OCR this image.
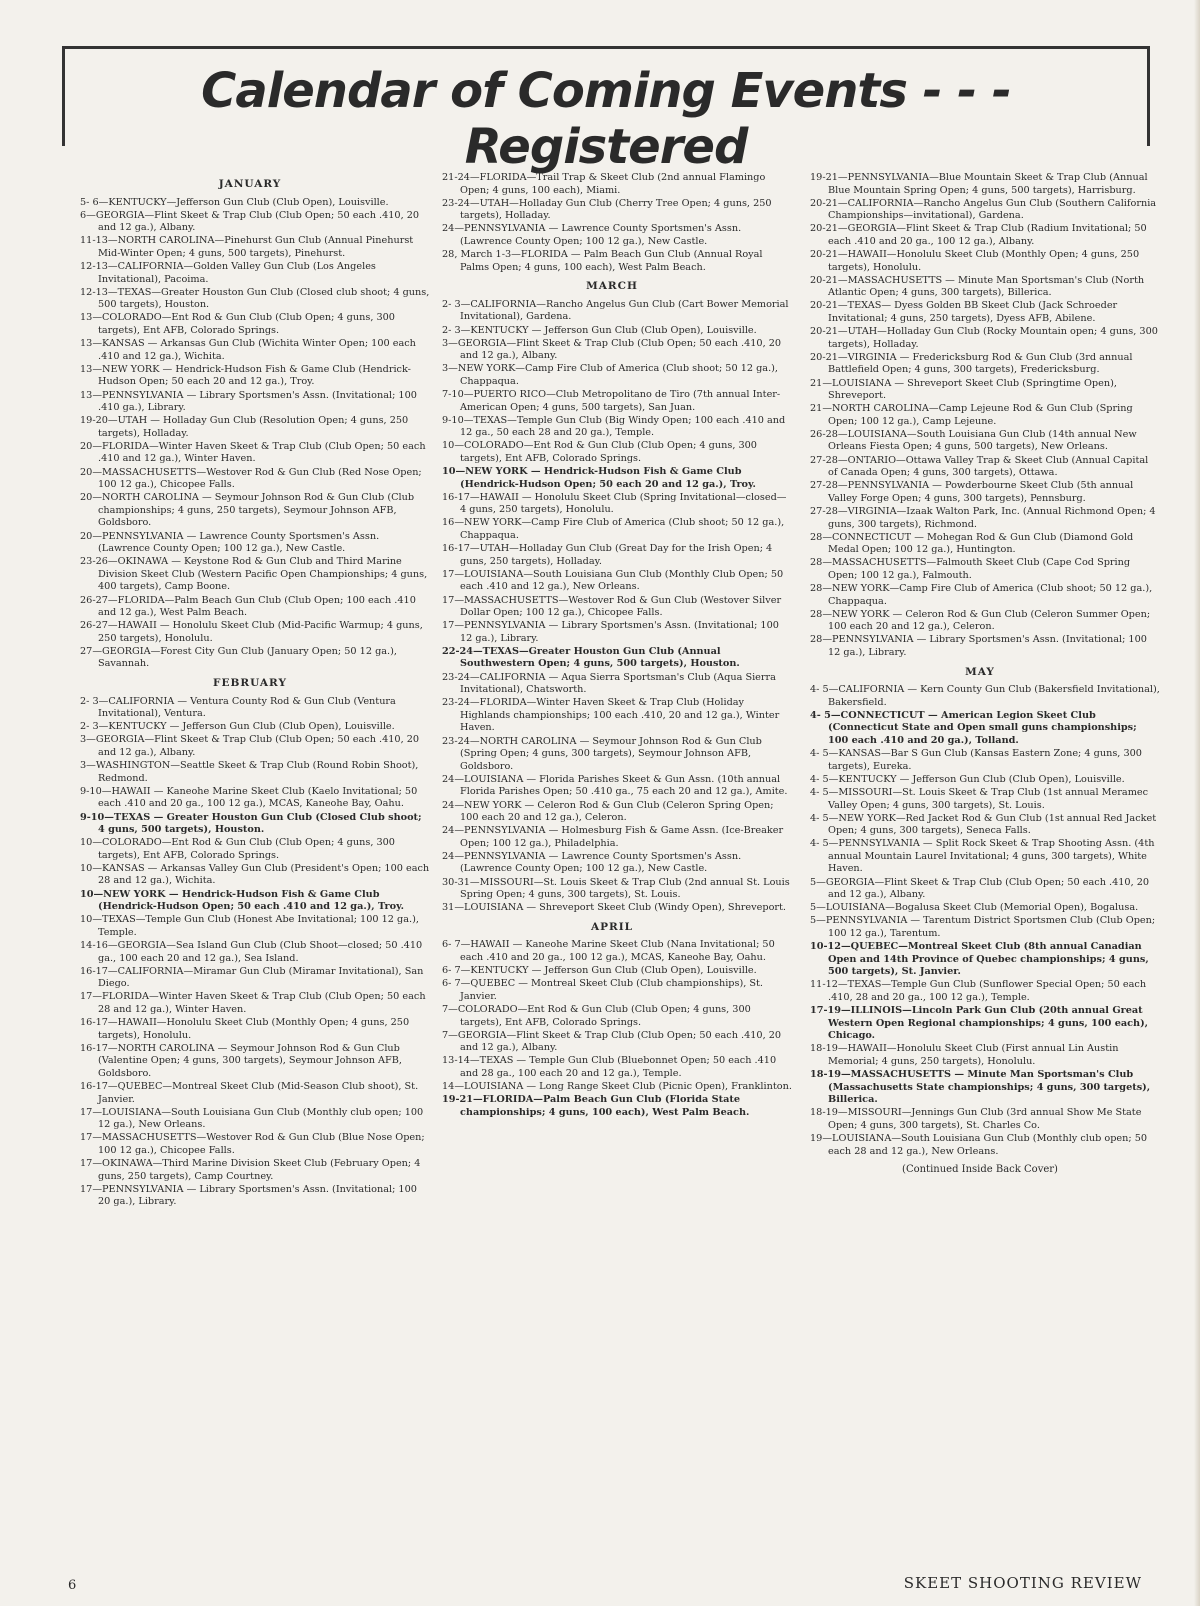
Calendar of Coming Events - - - Registered
JANUARY
5- 6—KENTUCKY—Jefferson Gun Club (Club Open), Louisville.
6—GEORGIA—Flint Skeet & Trap Club (Club Open; 50 each .410, 20 and 12 ga.), Albany.
11-13—NORTH CAROLINA—Pinehurst Gun Club (Annual Pinehurst Mid-Winter Open; 4 guns, 500 targets), Pinehurst.
12-13—CALIFORNIA—Golden Valley Gun Club (Los Angeles Invitational), Pacoima.
12-13—TEXAS—Greater Houston Gun Club (Closed club shoot; 4 guns, 500 targets), Houston.
13—COLORADO—Ent Rod & Gun Club (Club Open; 4 guns, 300 targets), Ent AFB, Colorado Springs.
13—KANSAS — Arkansas Gun Club (Wichita Winter Open; 100 each .410 and 12 ga.), Wichita.
13—NEW YORK — Hendrick-Hudson Fish & Game Club (Hendrick-Hudson Open; 50 each 20 and 12 ga.), Troy.
13—PENNSYLVANIA — Library Sportsmen's Assn. (Invitational; 100 .410 ga.), Library.
19-20—UTAH — Holladay Gun Club (Resolution Open; 4 guns, 250 targets), Holladay.
20—FLORIDA—Winter Haven Skeet & Trap Club (Club Open; 50 each .410 and 12 ga.), Winter Haven.
20—MASSACHUSETTS—Westover Rod & Gun Club (Red Nose Open; 100 12 ga.), Chicopee Falls.
20—NORTH CAROLINA — Seymour Johnson Rod & Gun Club (Club championships; 4 guns, 250 targets), Seymour Johnson AFB, Goldsboro.
20—PENNSYLVANIA — Lawrence County Sportsmen's Assn. (Lawrence County Open; 100 12 ga.), New Castle.
23-26—OKINAWA — Keystone Rod & Gun Club and Third Marine Division Skeet Club (Western Pacific Open Championships; 4 guns, 400 targets), Camp Boone.
26-27—FLORIDA—Palm Beach Gun Club (Club Open; 100 each .410 and 12 ga.), West Palm Beach.
26-27—HAWAII — Honolulu Skeet Club (Mid-Pacific Warmup; 4 guns, 250 targets), Honolulu.
27—GEORGIA—Forest City Gun Club (January Open; 50 12 ga.), Savannah.
FEBRUARY
2- 3—CALIFORNIA — Ventura County Rod & Gun Club (Ventura Invitational), Ventura.
2- 3—KENTUCKY — Jefferson Gun Club (Club Open), Louisville.
3—GEORGIA—Flint Skeet & Trap Club (Club Open; 50 each .410, 20 and 12 ga.), Albany.
3—WASHINGTON—Seattle Skeet & Trap Club (Round Robin Shoot), Redmond.
9-10—HAWAII — Kaneohe Marine Skeet Club (Kaelo Invitational; 50 each .410 and 20 ga., 100 12 ga.), MCAS, Kaneohe Bay, Oahu.
9-10—TEXAS — Greater Houston Gun Club (Closed Club shoot; 4 guns, 500 targets), Houston.
10—COLORADO—Ent Rod & Gun Club (Club Open; 4 guns, 300 targets), Ent AFB, Colorado Springs.
10—KANSAS — Arkansas Valley Gun Club (President's Open; 100 each 28 and 12 ga.), Wichita.
10—NEW YORK — Hendrick-Hudson Fish & Game Club (Hendrick-Hudson Open; 50 each .410 and 12 ga.), Troy.
10—TEXAS—Temple Gun Club (Honest Abe Invitational; 100 12 ga.), Temple.
14-16—GEORGIA—Sea Island Gun Club (Club Shoot—closed; 50 .410 ga., 100 each 20 and 12 ga.), Sea Island.
16-17—CALIFORNIA—Miramar Gun Club (Miramar Invitational), San Diego.
17—FLORIDA—Winter Haven Skeet & Trap Club (Club Open; 50 each 28 and 12 ga.), Winter Haven.
16-17—HAWAII—Honolulu Skeet Club (Monthly Open; 4 guns, 250 targets), Honolulu.
16-17—NORTH CAROLINA — Seymour Johnson Rod & Gun Club (Valentine Open; 4 guns, 300 targets), Seymour Johnson AFB, Goldsboro.
16-17—QUEBEC—Montreal Skeet Club (Mid-Season Club shoot), St. Janvier.
17—LOUISIANA—South Louisiana Gun Club (Monthly club open; 100 12 ga.), New Orleans.
17—MASSACHUSETTS—Westover Rod & Gun Club (Blue Nose Open; 100 12 ga.), Chicopee Falls.
17—OKINAWA—Third Marine Division Skeet Club (February Open; 4 guns, 250 targets), Camp Courtney.
17—PENNSYLVANIA — Library Sportsmen's Assn. (Invitational; 100 20 ga.), Library.
21-24—FLORIDA—Trail Trap & Skeet Club (2nd annual Flamingo Open; 4 guns, 100 each), Miami.
23-24—UTAH—Holladay Gun Club (Cherry Tree Open; 4 guns, 250 targets), Holladay.
24—PENNSYLVANIA — Lawrence County Sportsmen's Assn. (Lawrence County Open; 100 12 ga.), New Castle.
28, March 1-3—FLORIDA — Palm Beach Gun Club (Annual Royal Palms Open; 4 guns, 100 each), West Palm Beach.
MARCH
2- 3—CALIFORNIA—Rancho Angelus Gun Club (Cart Bower Memorial Invitational), Gardena.
2- 3—KENTUCKY — Jefferson Gun Club (Club Open), Louisville.
3—GEORGIA—Flint Skeet & Trap Club (Club Open; 50 each .410, 20 and 12 ga.), Albany.
3—NEW YORK—Camp Fire Club of America (Club shoot; 50 12 ga.), Chappaqua.
7-10—PUERTO RICO—Club Metropolitano de Tiro (7th annual Inter-American Open; 4 guns, 500 targets), San Juan.
9-10—TEXAS—Temple Gun Club (Big Windy Open; 100 each .410 and 12 ga., 50 each 28 and 20 ga.), Temple.
10—COLORADO—Ent Rod & Gun Club (Club Open; 4 guns, 300 targets), Ent AFB, Colorado Springs.
10—NEW YORK — Hendrick-Hudson Fish & Game Club (Hendrick-Hudson Open; 50 each 20 and 12 ga.), Troy.
16-17—HAWAII — Honolulu Skeet Club (Spring Invitational—closed—4 guns, 250 targets), Honolulu.
16—NEW YORK—Camp Fire Club of America (Club shoot; 50 12 ga.), Chappaqua.
16-17—UTAH—Holladay Gun Club (Great Day for the Irish Open; 4 guns, 250 targets), Holladay.
17—LOUISIANA—South Louisiana Gun Club (Monthly Club Open; 50 each .410 and 12 ga.), New Orleans.
17—MASSACHUSETTS—Westover Rod & Gun Club (Westover Silver Dollar Open; 100 12 ga.), Chicopee Falls.
17—PENNSYLVANIA — Library Sportsmen's Assn. (Invitational; 100 12 ga.), Library.
22-24—TEXAS—Greater Houston Gun Club (Annual Southwestern Open; 4 guns, 500 targets), Houston.
23-24—CALIFORNIA — Aqua Sierra Sportsman's Club (Aqua Sierra Invitational), Chatsworth.
23-24—FLORIDA—Winter Haven Skeet & Trap Club (Holiday Highlands championships; 100 each .410, 20 and 12 ga.), Winter Haven.
23-24—NORTH CAROLINA — Seymour Johnson Rod & Gun Club (Spring Open; 4 guns, 300 targets), Seymour Johnson AFB, Goldsboro.
24—LOUISIANA — Florida Parishes Skeet & Gun Assn. (10th annual Florida Parishes Open; 50 .410 ga., 75 each 20 and 12 ga.), Amite.
24—NEW YORK — Celeron Rod & Gun Club (Celeron Spring Open; 100 each 20 and 12 ga.), Celeron.
24—PENNSYLVANIA — Holmesburg Fish & Game Assn. (Ice-Breaker Open; 100 12 ga.), Philadelphia.
24—PENNSYLVANIA — Lawrence County Sportsmen's Assn. (Lawrence County Open; 100 12 ga.), New Castle.
30-31—MISSOURI—St. Louis Skeet & Trap Club (2nd annual St. Louis Spring Open; 4 guns, 300 targets), St. Louis.
31—LOUISIANA — Shreveport Skeet Club (Windy Open), Shreveport.
APRIL
6- 7—HAWAII — Kaneohe Marine Skeet Club (Nana Invitational; 50 each .410 and 20 ga., 100 12 ga.), MCAS, Kaneohe Bay, Oahu.
6- 7—KENTUCKY — Jefferson Gun Club (Club Open), Louisville.
6- 7—QUEBEC — Montreal Skeet Club (Club championships), St. Janvier.
7—COLORADO—Ent Rod & Gun Club (Club Open; 4 guns, 300 targets), Ent AFB, Colorado Springs.
7—GEORGIA—Flint Skeet & Trap Club (Club Open; 50 each .410, 20 and 12 ga.), Albany.
13-14—TEXAS — Temple Gun Club (Bluebonnet Open; 50 each .410 and 28 ga., 100 each 20 and 12 ga.), Temple.
14—LOUISIANA — Long Range Skeet Club (Picnic Open), Franklinton.
19-21—FLORIDA—Palm Beach Gun Club (Florida State championships; 4 guns, 100 each), West Palm Beach.
19-21—PENNSYLVANIA—Blue Mountain Skeet & Trap Club (Annual Blue Mountain Spring Open; 4 guns, 500 targets), Harrisburg.
20-21—CALIFORNIA—Rancho Angelus Gun Club (Southern California Championships—invitational), Gardena.
20-21—GEORGIA—Flint Skeet & Trap Club (Radium Invitational; 50 each .410 and 20 ga., 100 12 ga.), Albany.
20-21—HAWAII—Honolulu Skeet Club (Monthly Open; 4 guns, 250 targets), Honolulu.
20-21—MASSACHUSETTS — Minute Man Sportsman's Club (North Atlantic Open; 4 guns, 300 targets), Billerica.
20-21—TEXAS— Dyess Golden BB Skeet Club (Jack Schroeder Invitational; 4 guns, 250 targets), Dyess AFB, Abilene.
20-21—UTAH—Holladay Gun Club (Rocky Mountain open; 4 guns, 300 targets), Holladay.
20-21—VIRGINIA — Fredericksburg Rod & Gun Club (3rd annual Battlefield Open; 4 guns, 300 targets), Fredericksburg.
21—LOUISIANA — Shreveport Skeet Club (Springtime Open), Shreveport.
21—NORTH CAROLINA—Camp Lejeune Rod & Gun Club (Spring Open; 100 12 ga.), Camp Lejeune.
26-28—LOUISIANA—South Louisiana Gun Club (14th annual New Orleans Fiesta Open; 4 guns, 500 targets), New Orleans.
27-28—ONTARIO—Ottawa Valley Trap & Skeet Club (Annual Capital of Canada Open; 4 guns, 300 targets), Ottawa.
27-28—PENNSYLVANIA — Powderbourne Skeet Club (5th annual Valley Forge Open; 4 guns, 300 targets), Pennsburg.
27-28—VIRGINIA—Izaak Walton Park, Inc. (Annual Richmond Open; 4 guns, 300 targets), Richmond.
28—CONNECTICUT — Mohegan Rod & Gun Club (Diamond Gold Medal Open; 100 12 ga.), Huntington.
28—MASSACHUSETTS—Falmouth Skeet Club (Cape Cod Spring Open; 100 12 ga.), Falmouth.
28—NEW YORK—Camp Fire Club of America (Club shoot; 50 12 ga.), Chappaqua.
28—NEW YORK — Celeron Rod & Gun Club (Celeron Summer Open; 100 each 20 and 12 ga.), Celeron.
28—PENNSYLVANIA — Library Sportsmen's Assn. (Invitational; 100 12 ga.), Library.
MAY
4- 5—CALIFORNIA — Kern County Gun Club (Bakersfield Invitational), Bakersfield.
4- 5—CONNECTICUT — American Legion Skeet Club (Connecticut State and Open small guns championships; 100 each .410 and 20 ga.), Tolland.
4- 5—KANSAS—Bar S Gun Club (Kansas Eastern Zone; 4 guns, 300 targets), Eureka.
4- 5—KENTUCKY — Jefferson Gun Club (Club Open), Louisville.
4- 5—MISSOURI—St. Louis Skeet & Trap Club (1st annual Meramec Valley Open; 4 guns, 300 targets), St. Louis.
4- 5—NEW YORK—Red Jacket Rod & Gun Club (1st annual Red Jacket Open; 4 guns, 300 targets), Seneca Falls.
4- 5—PENNSYLVANIA — Split Rock Skeet & Trap Shooting Assn. (4th annual Mountain Laurel Invitational; 4 guns, 300 targets), White Haven.
5—GEORGIA—Flint Skeet & Trap Club (Club Open; 50 each .410, 20 and 12 ga.), Albany.
5—LOUISIANA—Bogalusa Skeet Club (Memorial Open), Bogalusa.
5—PENNSYLVANIA — Tarentum District Sportsmen Club (Club Open; 100 12 ga.), Tarentum.
10-12—QUEBEC—Montreal Skeet Club (8th annual Canadian Open and 14th Province of Quebec championships; 4 guns, 500 targets), St. Janvier.
11-12—TEXAS—Temple Gun Club (Sunflower Special Open; 50 each .410, 28 and 20 ga., 100 12 ga.), Temple.
17-19—ILLINOIS—Lincoln Park Gun Club (20th annual Great Western Open Regional championships; 4 guns, 100 each), Chicago.
18-19—HAWAII—Honolulu Skeet Club (First annual Lin Austin Memorial; 4 guns, 250 targets), Honolulu.
18-19—MASSACHUSETTS — Minute Man Sportsman's Club (Massachusetts State championships; 4 guns, 300 targets), Billerica.
18-19—MISSOURI—Jennings Gun Club (3rd annual Show Me State Open; 4 guns, 300 targets), St. Charles Co.
19—LOUISIANA—South Louisiana Gun Club (Monthly club open; 50 each 28 and 12 ga.), New Orleans.
(Continued Inside Back Cover)
6	SKEET SHOOTING REVIEW
